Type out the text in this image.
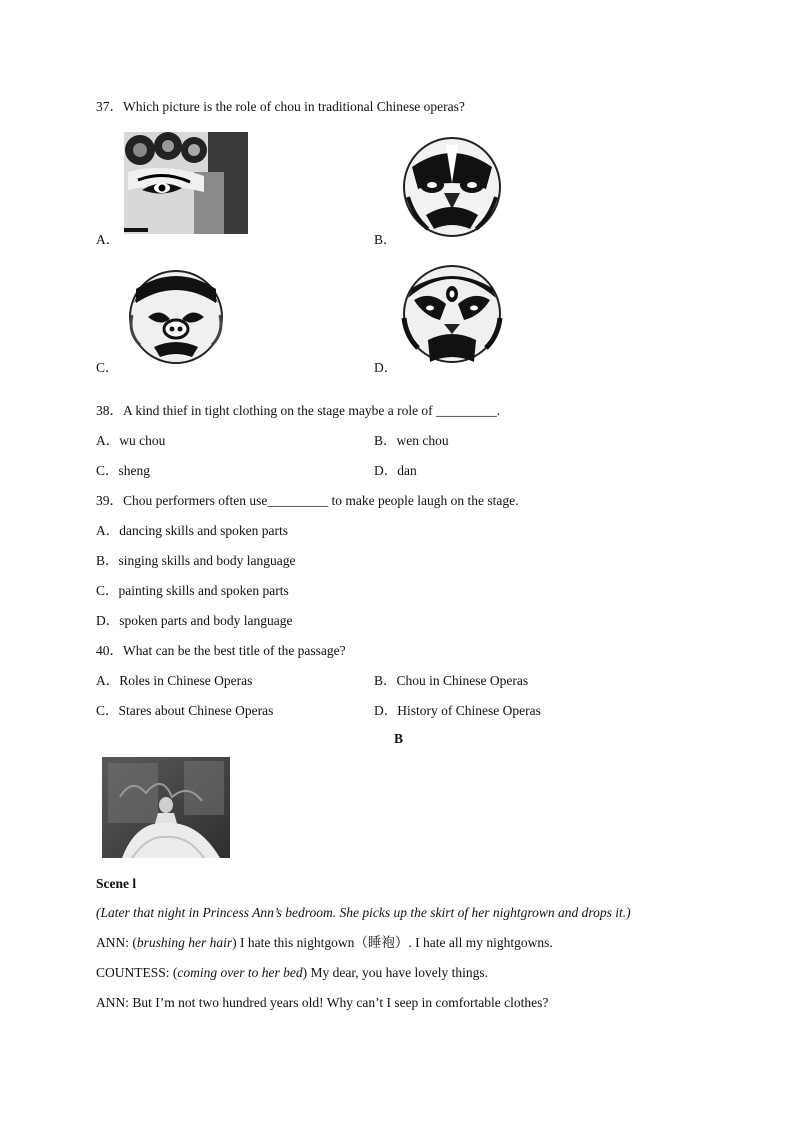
37．Which picture is the role of chou in traditional Chinese operas?
A．	B．
C．	D．
38．A kind thief in tight clothing on the stage maybe a role of _________.
A．wu chou	B．wen chou
C．sheng	D．dan
39．Chou performers often use_________ to make people laugh on the stage.
A．dancing skills and spoken parts
B．singing skills and body language
C．painting skills and spoken parts
D．spoken parts and body language
40．What can be the best title of the passage?
A．Roles in Chinese Operas	B．Chou in Chinese Operas
C．Stares about Chinese Operas	D．History of Chinese Operas
B
Scene l
(Later that night in Princess Ann’s bedroom. She picks up the skirt of her nightgrown and drops it.)
ANN: (brushing her hair) I hate this nightgown（睡袍）. I hate all my nightgowns.
COUNTESS: (coming over to her bed) My dear, you have lovely things.
ANN: But I’m not two hundred years old! Why can’t I seep in comfortable clothes?
